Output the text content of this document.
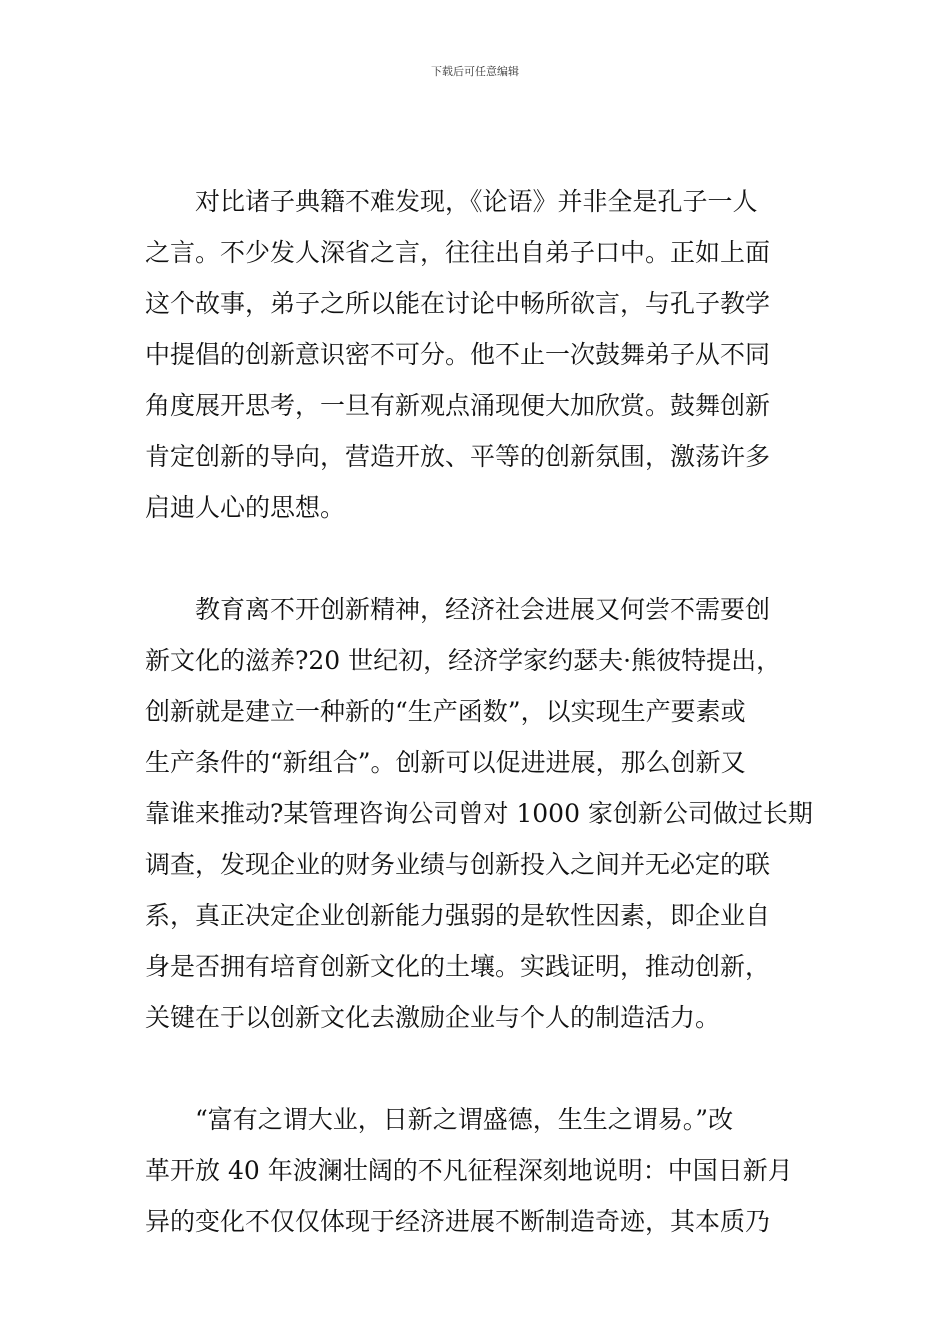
下载后可任意编辑

　　对比诸子典籍不难发现，《论语》并非全是孔子一人
之言。不少发人深省之言，往往出自弟子口中。正如上面
这个故事，弟子之所以能在讨论中畅所欲言，与孔子教学
中提倡的创新意识密不可分。他不止一次鼓舞弟子从不同
角度展开思考，一旦有新观点涌现便大加欣赏。鼓舞创新
肯定创新的导向，营造开放、平等的创新氛围，激荡许多
启迪人心的思想。

　　教育离不开创新精神，经济社会进展又何尝不需要创
新文化的滋养?20 世纪初，经济学家约瑟夫·熊彼特提出，
创新就是建立一种新的“生产函数”，以实现生产要素或
生产条件的“新组合”。创新可以促进进展，那么创新又
靠谁来推动?某管理咨询公司曾对 1000 家创新公司做过长期
调查，发现企业的财务业绩与创新投入之间并无必定的联
系，真正决定企业创新能力强弱的是软性因素，即企业自
身是否拥有培育创新文化的土壤。实践证明，推动创新，
关键在于以创新文化去激励企业与个人的制造活力。

　　“富有之谓大业，日新之谓盛德，生生之谓易。”改
革开放 40 年波澜壮阔的不凡征程深刻地说明：中国日新月
异的变化不仅仅体现于经济进展不断制造奇迹，其本质乃
